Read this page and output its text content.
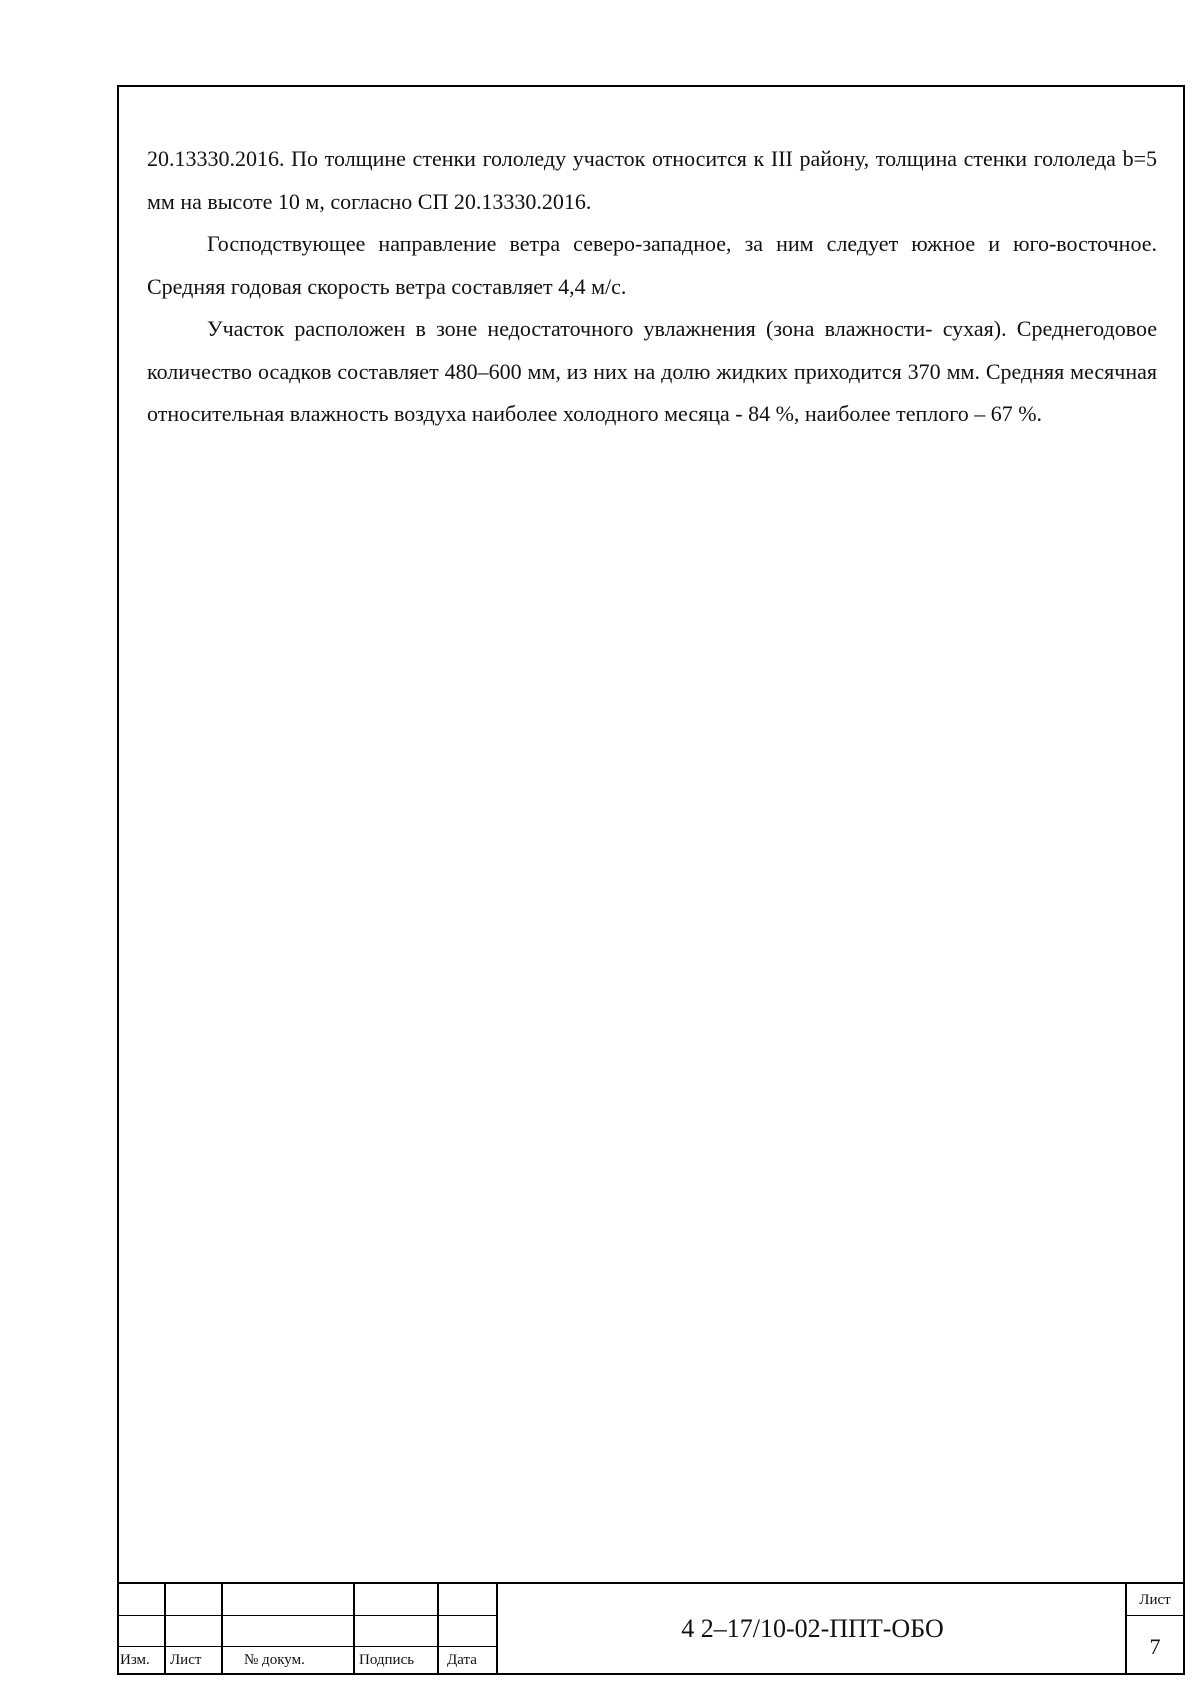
20.13330.2016. По толщине стенки гололеду участок относится к III району, толщина стенки гололеда b=5 мм на высоте 10 м, согласно СП 20.13330.2016.

Господствующее направление ветра северо-западное, за ним следует южное и юго-восточное. Средняя годовая скорость ветра составляет 4,4 м/с.

Участок расположен в зоне недостаточного увлажнения (зона влажности- сухая). Среднегодовое количество осадков составляет 480–600 мм, из них на долю жидких приходится 370 мм. Средняя месячная относительная влажность воздуха наиболее холодного месяца - 84 %, наиболее теплого – 67 %.

Изм. Лист	№ докум.	Подпись Дата
4 2–17/10-02-ППТ-ОБО
Лист
7
